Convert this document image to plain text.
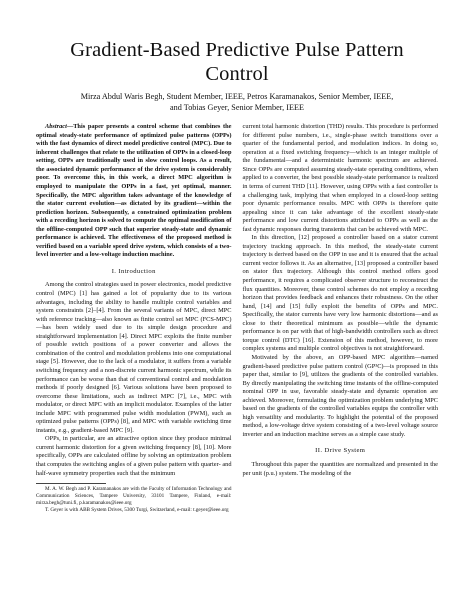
Gradient-Based Predictive Pulse Pattern Control
Mirza Abdul Waris Begh, Student Member, IEEE, Petros Karamanakos, Senior Member, IEEE,
and Tobias Geyer, Senior Member, IEEE

Abstract—This paper presents a control scheme that combines the optimal steady-state performance of optimized pulse patterns (OPPs) with the fast dynamics of direct model predictive control (MPC). Due to inherent challenges that relate to the utilization of OPPs in a closed-loop setting, OPPs are traditionally used in slow control loops. As a result, the associated dynamic performance of the drive system is considerably poor. To overcome this, in this work, a direct MPC algorithm is employed to manipulate the OPPs in a fast, yet optimal, manner. Specifically, the MPC algorithm takes advantage of the knowledge of the stator current evolution—as dictated by its gradient—within the prediction horizon. Subsequently, a constrained optimization problem with a receding horizon is solved to compute the optimal modification of the offline-computed OPP such that superior steady-state and dynamic performance is achieved. The effectiveness of the proposed method is verified based on a variable speed drive system, which consists of a two-level inverter and a low-voltage induction machine.

I. Introduction

Among the control strategies used in power electronics, model predictive control (MPC) [1] has gained a lot of popularity due to its various advantages, including the ability to handle multiple control variables and system constraints [2]–[4]. From the several variants of MPC, direct MPC with reference tracking—also known as finite control set MPC (FCS-MPC)—has been widely used due to its simple design procedure and straightforward implementation [4]. Direct MPC exploits the finite number of possible switch positions of a power converter and allows the combination of the control and modulation problems into one computational stage [5]. However, due to the lack of a modulator, it suffers from a variable switching frequency and a non-discrete current harmonic spectrum, while its performance can be worse than that of conventional control and modulation methods if poorly designed [6]. Various solutions have been proposed to overcome these limitations, such as indirect MPC [7], i.e., MPC with modulator, or direct MPC with an implicit modulator. Examples of the latter include MPC with programmed pulse width modulation (PWM), such as optimized pulse patterns (OPPs) [8], and MPC with variable switching time instants, e.g., gradient-based MPC [9].

OPPs, in particular, are an attractive option since they produce minimal current harmonic distortion for a given switching frequency [8], [10]. More specifically, OPPs are calculated offline by solving an optimization problem that computes the switching angles of a given pulse pattern with quarter- and half-wave symmetry properties such that the minimum

M. A. W. Begh and P. Karamanakos are with the Faculty of Information Technology and Communication Sciences, Tampere University, 33101 Tampere, Finland, e-mail: mirza.begh@tuni.fi, p.karamanakos@ieee.org

T. Geyer is with ABB System Drives, 5300 Turgi, Switzerland, e-mail: t.geyer@ieee.org

current total harmonic distortion (THD) results. This procedure is performed for different pulse numbers, i.e., single-phase switch transitions over a quarter of the fundamental period, and modulation indices. In doing so, operation at a fixed switching frequency—which is an integer multiple of the fundamental—and a deterministic harmonic spectrum are achieved. Since OPPs are computed assuming steady-state operating conditions, when applied to a converter, the best possible steady-state performance is realized in terms of current THD [11]. However, using OPPs with a fast controller is a challenging task, implying that when employed in a closed-loop setting poor dynamic performance results. MPC with OPPs is therefore quite appealing since it can take advantage of the excellent steady-state performance and low current distortions attributed to OPPs as well as the fast dynamic responses during transients that can be achieved with MPC.

In this direction, [12] proposed a controller based on a stator current trajectory tracking approach. In this method, the steady-state current trajectory is derived based on the OPP in use and it is ensured that the actual current vector follows it. As an alternative, [13] proposed a controller based on stator flux trajectory. Although this control method offers good performance, it requires a complicated observer structure to reconstruct the flux quantities. Moreover, these control schemes do not employ a receding horizon that provides feedback and enhances their robustness. On the other hand, [14] and [15] fully exploit the benefits of OPPs and MPC. Specifically, the stator currents have very low harmonic distortions—and as close to their theoretical minimum as possible—while the dynamic performance is on par with that of high-bandwidth controllers such as direct torque control (DTC) [16]. Extension of this method, however, to more complex systems and multiple control objectives is not straightforward.

Motivated by the above, an OPP-based MPC algorithm—named gradient-based predictive pulse pattern control (GP³C)—is proposed in this paper that, similar to [9], utilizes the gradients of the controlled variables. By directly manipulating the switching time instants of the offline-computed nominal OPP in use, favorable steady-state and dynamic operation are achieved. Moreover, formulating the optimization problem underlying MPC based on the gradients of the controlled variables equips the controller with high versatility and modularity. To highlight the potential of the proposed method, a low-voltage drive system consisting of a two-level voltage source inverter and an induction machine serves as a simple case study.

II. Drive System

Throughout this paper the quantities are normalized and presented in the per unit (p.u.) system. The modeling of the
